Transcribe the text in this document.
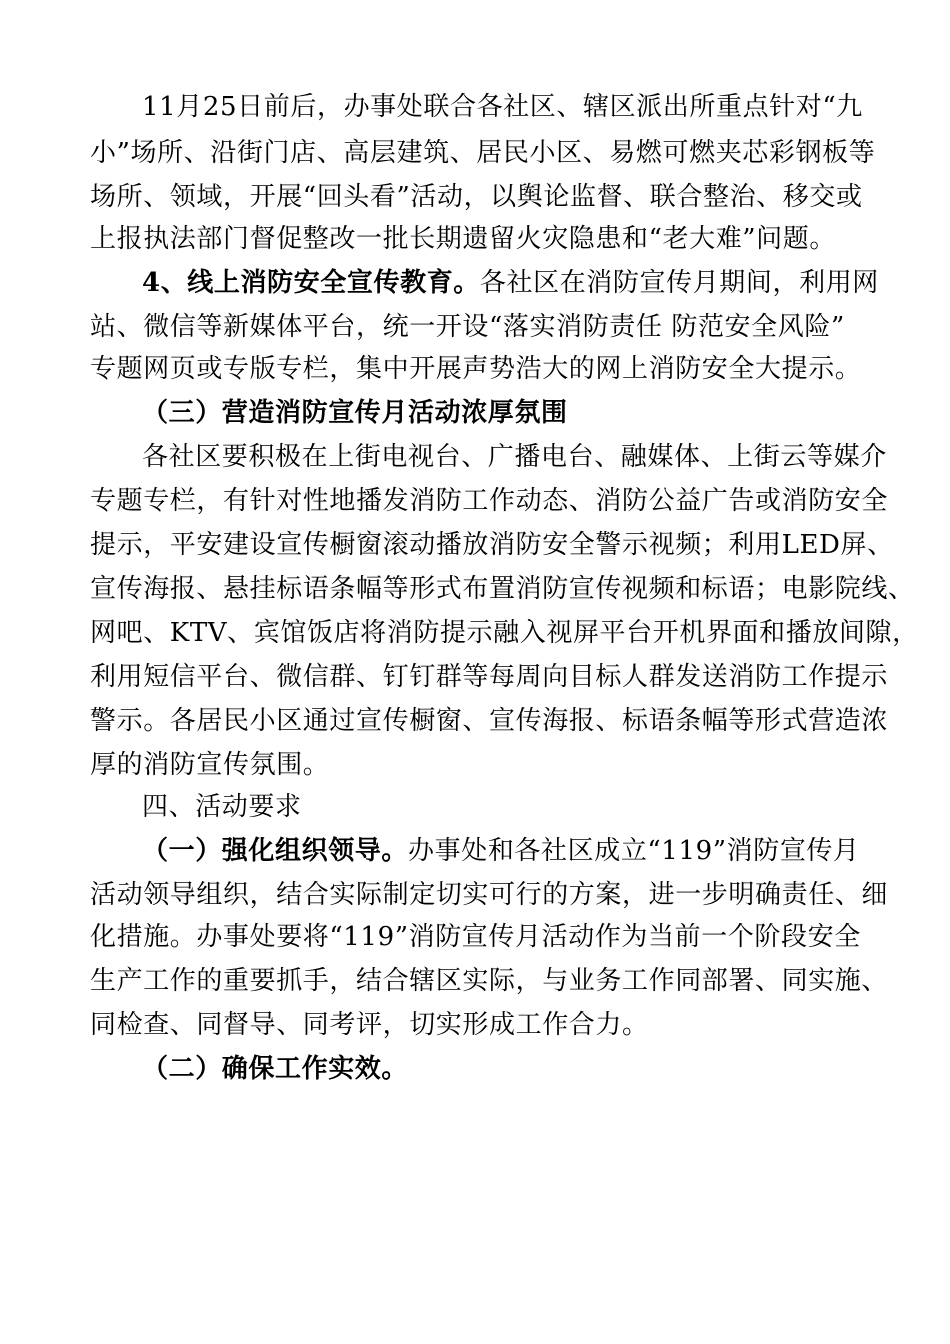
11月25日前后，办事处联合各社区、辖区派出所重点针对“九
小”场所、沿街门店、高层建筑、居民小区、易燃可燃夹芯彩钢板等
场所、领域，开展“回头看”活动，以舆论监督、联合整治、移交或
上报执法部门督促整改一批长期遗留火灾隐患和“老大难”问题。
4、线上消防安全宣传教育。各社区在消防宣传月期间，利用网
站、微信等新媒体平台，统一开设“落实消防责任 防范安全风险”
专题网页或专版专栏，集中开展声势浩大的网上消防安全大提示。
（三）营造消防宣传月活动浓厚氛围
各社区要积极在上街电视台、广播电台、融媒体、上街云等媒介
专题专栏，有针对性地播发消防工作动态、消防公益广告或消防安全
提示，平安建设宣传橱窗滚动播放消防安全警示视频；利用LED屏、
宣传海报、悬挂标语条幅等形式布置消防宣传视频和标语；电影院线、
网吧、KTV、宾馆饭店将消防提示融入视屏平台开机界面和播放间隙，
利用短信平台、微信群、钉钉群等每周向目标人群发送消防工作提示
警示。各居民小区通过宣传橱窗、宣传海报、标语条幅等形式营造浓
厚的消防宣传氛围。
四、活动要求
（一）强化组织领导。办事处和各社区成立“119”消防宣传月
活动领导组织，结合实际制定切实可行的方案，进一步明确责任、细
化措施。办事处要将“119”消防宣传月活动作为当前一个阶段安全
生产工作的重要抓手，结合辖区实际，与业务工作同部署、同实施、
同检查、同督导、同考评，切实形成工作合力。
（二）确保工作实效。
